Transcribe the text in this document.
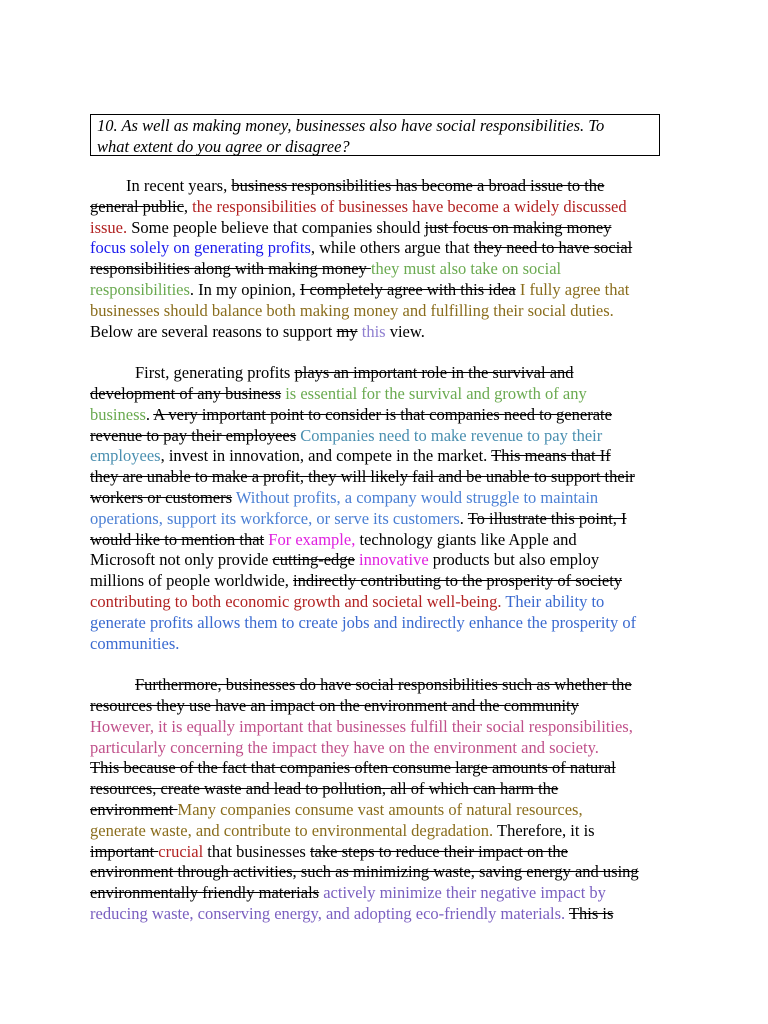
10. As well as making money, businesses also have social responsibilities. To
what extent do you agree or disagree?
In recent years, business responsibilities has become a broad issue to the
general public, the responsibilities of businesses have become a widely discussed
issue. Some people believe that companies should just focus on making money
focus solely on generating profits, while others argue that they need to have social
responsibilities along with making money they must also take on social
responsibilities. In my opinion, I completely agree with this idea I fully agree that
businesses should balance both making money and fulfilling their social duties.
Below are several reasons to support my this view.
First, generating profits plays an important role in the survival and
development of any business is essential for the survival and growth of any
business. A very important point to consider is that companies need to generate
revenue to pay their employees Companies need to make revenue to pay their
employees, invest in innovation, and compete in the market. This means that If
they are unable to make a profit, they will likely fail and be unable to support their
workers or customers Without profits, a company would struggle to maintain
operations, support its workforce, or serve its customers. To illustrate this point, I
would like to mention that For example, technology giants like Apple and
Microsoft not only provide cutting-edge innovative products but also employ
millions of people worldwide, indirectly contributing to the prosperity of society
contributing to both economic growth and societal well-being. Their ability to
generate profits allows them to create jobs and indirectly enhance the prosperity of
communities.
Furthermore, businesses do have social responsibilities such as whether the
resources they use have an impact on the environment and the community
However, it is equally important that businesses fulfill their social responsibilities,
particularly concerning the impact they have on the environment and society.
This because of the fact that companies often consume large amounts of natural
resources, create waste and lead to pollution, all of which can harm the
environment Many companies consume vast amounts of natural resources,
generate waste, and contribute to environmental degradation. Therefore, it is
important crucial that businesses take steps to reduce their impact on the
environment through activities, such as minimizing waste, saving energy and using
environmentally friendly materials actively minimize their negative impact by
reducing waste, conserving energy, and adopting eco-friendly materials. This is
